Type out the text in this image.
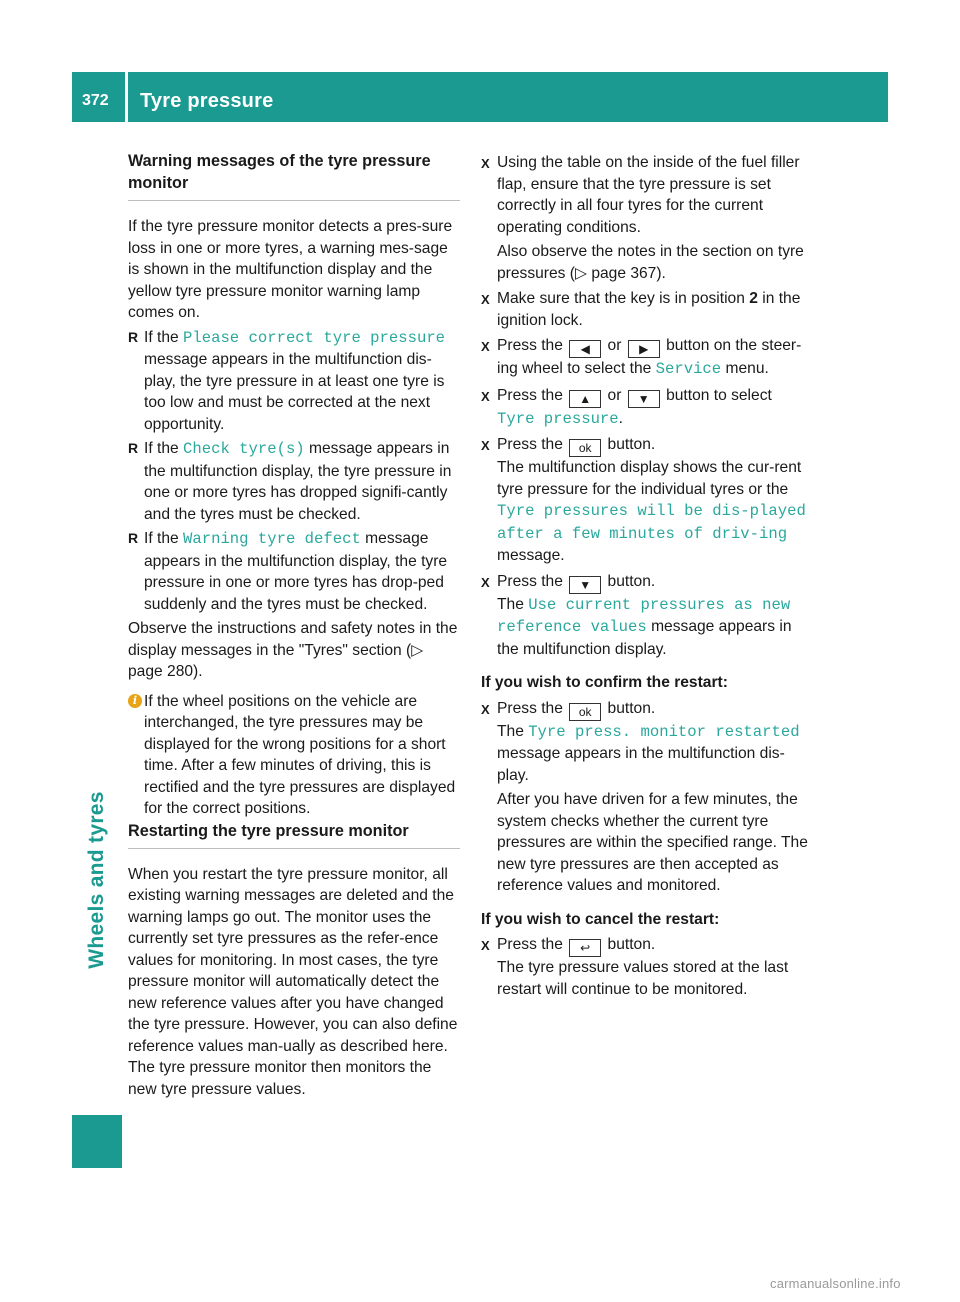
372	Tyre pressure
Wheels and tyres
Warning messages of the tyre pressure monitor

If the tyre pressure monitor detects a pres-sure loss in one or more tyres, a warning mes-sage is shown in the multifunction display and the yellow tyre pressure monitor warning lamp comes on.

R If the Please correct tyre pressure message appears in the multifunction dis-play, the tyre pressure in at least one tyre is too low and must be corrected at the next opportunity.
R If the Check tyre(s) message appears in the multifunction display, the tyre pressure in one or more tyres has dropped signifi-cantly and the tyres must be checked.
R If the Warning tyre defect message appears in the multifunction display, the tyre pressure in one or more tyres has drop-ped suddenly and the tyres must be checked.

Observe the instructions and safety notes in the display messages in the "Tyres" section (▷ page 280).

i If the wheel positions on the vehicle are interchanged, the tyre pressures may be displayed for the wrong positions for a short time. After a few minutes of driving, this is rectified and the tyre pressures are displayed for the correct positions.
Restarting the tyre pressure monitor

When you restart the tyre pressure monitor, all existing warning messages are deleted and the warning lamps go out. The monitor uses the currently set tyre pressures as the refer-ence values for monitoring. In most cases, the tyre pressure monitor will automatically detect the new reference values after you have changed the tyre pressure. However, you can also define reference values man-ually as described here. The tyre pressure monitor then monitors the new tyre pressure values.

X Using the table on the inside of the fuel filler flap, ensure that the tyre pressure is set correctly in all four tyres for the current operating conditions.

Also observe the notes in the section on tyre pressures (▷ page 367).

X Make sure that the key is in position 2 in the ignition lock.
X Press the ◀ or ▶ button on the steer-ing wheel to select the Service menu.
X Press the ▲ or ▼ button to select Tyre pressure.
X Press the ok button.
The multifunction display shows the cur-rent tyre pressure for the individual tyres or the Tyre pressures will be dis-played after a few minutes of driv-ing message.
X Press the ▼ button.
The Use current pressures as new reference values message appears in the multifunction display.

If you wish to confirm the restart:

X Press the ok button.
The Tyre press. monitor restarted message appears in the multifunction dis-play.

After you have driven for a few minutes, the system checks whether the current tyre pressures are within the specified range. The new tyre pressures are then accepted as reference values and monitored.

If you wish to cancel the restart:

X Press the ↩ button.
The tyre pressure values stored at the last restart will continue to be monitored.
carmanualsonline.info
